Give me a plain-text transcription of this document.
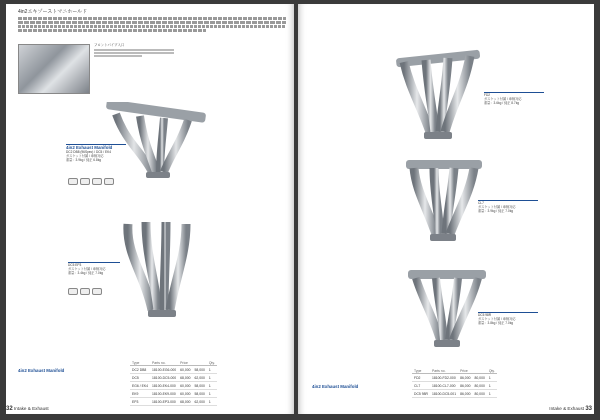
4in2エキゾーストマニホールド
フロントパイプ入口
4in2 Exhaust Manifold
DC2 DB8 (96Spec) / DC5 / EK4
ガスケット付属 / 車検対応
重量：3.9kg / 純正 6.8kg
DC5 EP3
ガスケット付属 / 車検対応
重量：3.4kg / 純正 7.0kg
4in2 Exhaust Manifold
Type	Parts no.	Price		Qty.
DC2 DB8	18100-EG6-000	60,000	58,000	1
DC5	18100-DC5-000	68,000	62,000	1
EG6 / EK4	18100-EK4-000	60,000	58,000	1
EK9	18100-EK9-000	60,000	58,000	1
EP3	18100-EP3-000	68,000	62,000	1
32 Intake & Exhaust
FD2
ガスケット付属 / 車検対応
重量：3.6kg / 純正 8.7kg
CL7
ガスケット付属 / 車検対応
重量：3.9kg / 純正 7.0kg
DC5 98R
ガスケット付属 / 車検対応
重量：3.8kg / 純正 7.0kg
4in2 Exhaust Manifold
Type	Parts no.	Price		Qty.
FD2	18100-FD2-000	86,000	80,000	1
CL7	18100-CL7-000	86,000	80,000	1
DC5 98R	18100-DC5-001	86,000	80,000	1
Intake & Exhaust 33
